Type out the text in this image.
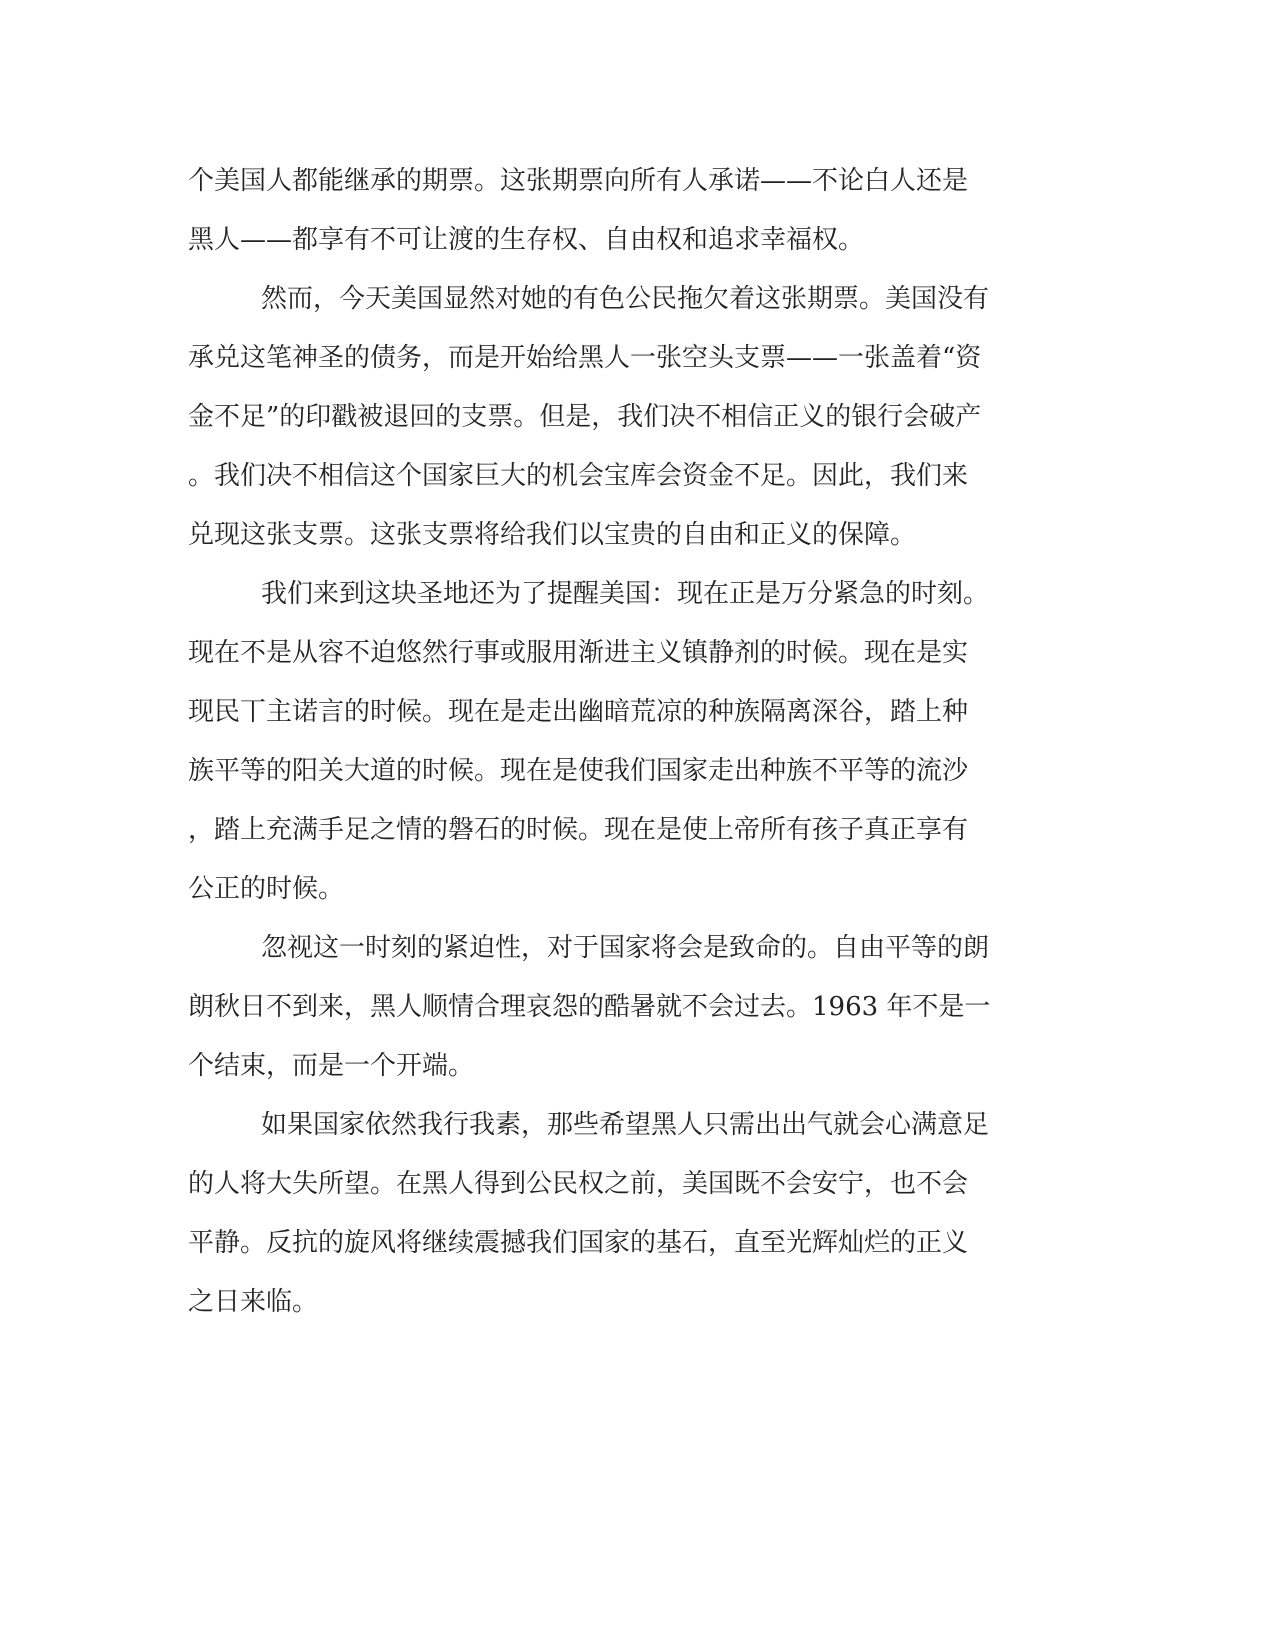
个美国人都能继承的期票。这张期票向所有人承诺——不论白人还是

黑人——都享有不可让渡的生存权、自由权和追求幸福权。

然而，今天美国显然对她的有色公民拖欠着这张期票。美国没有

承兑这笔神圣的债务，而是开始给黑人一张空头支票——一张盖着“资

金不足”的印戳被退回的支票。但是，我们决不相信正义的银行会破产

。我们决不相信这个国家巨大的机会宝库会资金不足。因此，我们来

兑现这张支票。这张支票将给我们以宝贵的自由和正义的保障。

我们来到这块圣地还为了提醒美国：现在正是万分紧急的时刻。

现在不是从容不迫悠然行事或服用渐进主义镇静剂的时候。现在是实

现民丅主诺言的时候。现在是走出幽暗荒凉的种族隔离深谷，踏上种

族平等的阳关大道的时候。现在是使我们国家走出种族不平等的流沙

，踏上充满手足之情的磐石的时候。现在是使上帝所有孩子真正享有

公正的时候。

忽视这一时刻的紧迫性，对于国家将会是致命的。自由平等的朗

朗秋日不到来，黑人顺情合理哀怨的酷暑就不会过去。1963 年不是一

个结束，而是一个开端。

如果国家依然我行我素，那些希望黑人只需出出气就会心满意足

的人将大失所望。在黑人得到公民权之前，美国既不会安宁，也不会

平静。反抗的旋风将继续震撼我们国家的基石，直至光辉灿烂的正义

之日来临。
